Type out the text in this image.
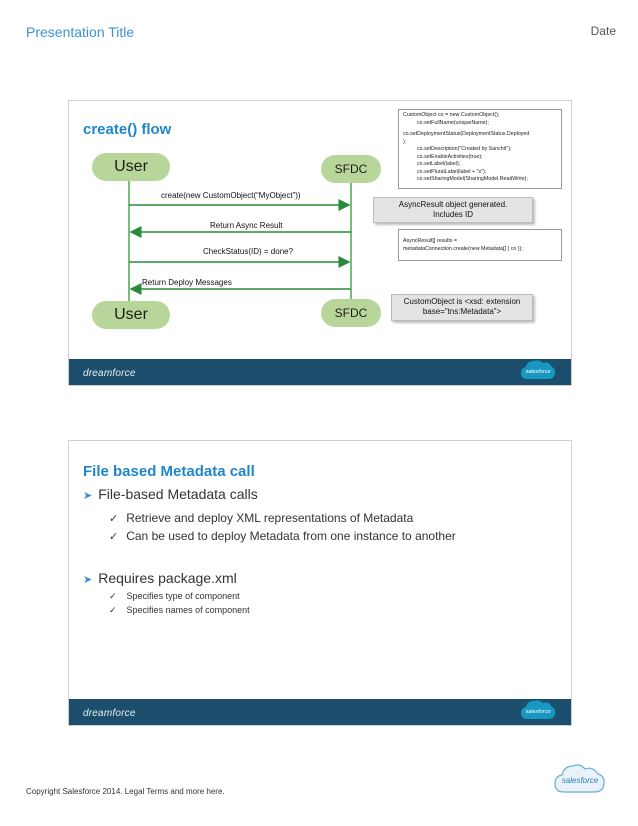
Presentation Title	Date
create() flow
User	SFDC
User	SFDC
create(new CustomObject(“MyObject”))
Return Async Result
CheckStatus(ID) = done?
Return Deploy Messages
CustomObject co = new CustomObject();
co.setFullName(uniqueName);
co.setDeploymentStatus(DeploymentStatus.Deployed
);
co.setDescription("Created by Sanchit");
co.setEnableActivities(true);
co.setLabel(label);
co.setPluralLabel(label + "s");
co.setSharingModel(SharingModel.ReadWrite);
AsyncResult object generated.
Includes ID
AsyncResult[] results =
metadataConnection.create(new Metadata[] { co });
CustomObject is <xsd: extension
base=”tns:Metadata”>
dreamforce	salesforce
File based Metadata call
➤ File-based Metadata calls
✓ Retrieve and deploy XML representations of Metadata
✓ Can be used to deploy Metadata from one instance to another
➤ Requires package.xml
✓ Specifies type of component
✓ Specifies names of component
dreamforce	salesforce
Copyright Salesforce 2014. Legal Terms and more here.
salesforce
